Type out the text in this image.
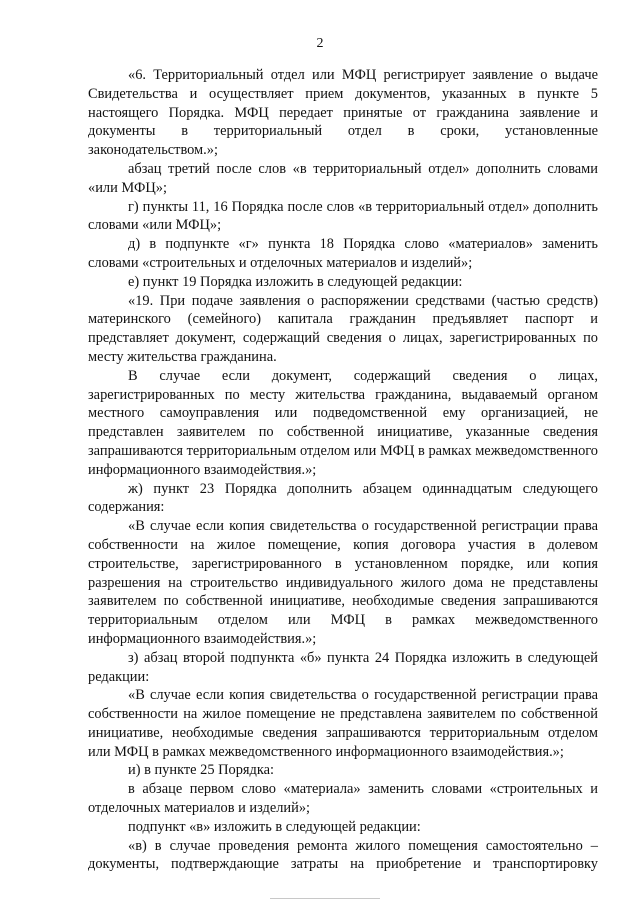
2

«6. Территориальный отдел или МФЦ регистрирует заявление о выдаче Свидетельства и осуществляет прием документов, указанных в пункте 5 настоящего Порядка. МФЦ передает принятые от гражданина заявление и документы в территориальный отдел в сроки, установленные законодательством.»;

абзац третий после слов «в территориальный отдел» дополнить словами «или МФЦ»;

г) пункты 11, 16 Порядка после слов «в территориальный отдел» дополнить словами «или МФЦ»;

д) в подпункте «г» пункта 18 Порядка слово «материалов» заменить словами «строительных и отделочных материалов и изделий»;

е) пункт 19 Порядка изложить в следующей редакции:

«19. При подаче заявления о распоряжении средствами (частью средств) материнского (семейного) капитала гражданин предъявляет паспорт и представляет документ, содержащий сведения о лицах, зарегистрированных по месту жительства гражданина.

В случае если документ, содержащий сведения о лицах, зарегистрированных по месту жительства гражданина, выдаваемый органом местного самоуправления или подведомственной ему организацией, не представлен заявителем по собственной инициативе, указанные сведения запрашиваются территориальным отделом или МФЦ в рамках межведомственного информационного взаимодействия.»;

ж) пункт 23 Порядка дополнить абзацем одиннадцатым следующего содержания:

«В случае если копия свидетельства о государственной регистрации права собственности на жилое помещение, копия договора участия в долевом строительстве, зарегистрированного в установленном порядке, или копия разрешения на строительство индивидуального жилого дома не представлены заявителем по собственной инициативе, необходимые сведения запрашиваются территориальным отделом или МФЦ в рамках межведомственного информационного взаимодействия.»;

з) абзац второй подпункта «б» пункта 24 Порядка изложить в следующей редакции:

«В случае если копия свидетельства о государственной регистрации права собственности на жилое помещение не представлена заявителем по собственной инициативе, необходимые сведения запрашиваются территориальным отделом или МФЦ в рамках межведомственного информационного взаимодействия.»;

и) в пункте 25 Порядка:

в абзаце первом слово «материала» заменить словами «строительных и отделочных материалов и изделий»;

подпункт «в» изложить в следующей редакции:

«в) в случае проведения ремонта жилого помещения самостоятельно – документы, подтверждающие затраты на приобретение и транспортировку
